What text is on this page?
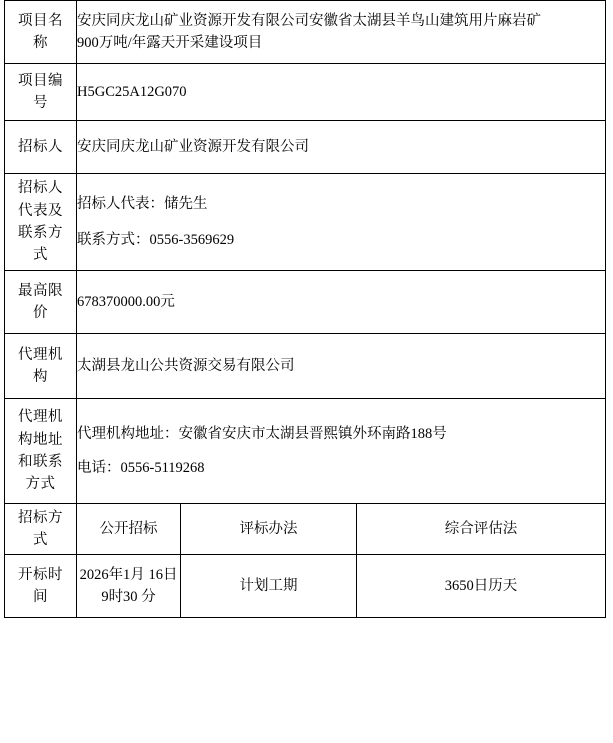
项目名
称	安庆同庆龙山矿业资源开发有限公司安徽省太湖县羊鸟山建筑用片麻岩矿
900万吨/年露天开采建设项目		

项目编
号	H5GC25A12G070		

招标人	安庆同庆龙山矿业资源开发有限公司		

招标人
代表及
联系方
式	招标人代表：储先生
联系方式：0556-3569629		

最高限
价	678370000.00元		

代理机
构	太湖县龙山公共资源交易有限公司		

代理机
构地址
和联系
方式	代理机构地址：安徽省安庆市太湖县晋熙镇外环南路188号
电话：0556-5119268		

招标方
式	公开招标	评标办法	综合评估法

开标时
间	2026年1月 16日9时30 分	计划工期	3650日历天
